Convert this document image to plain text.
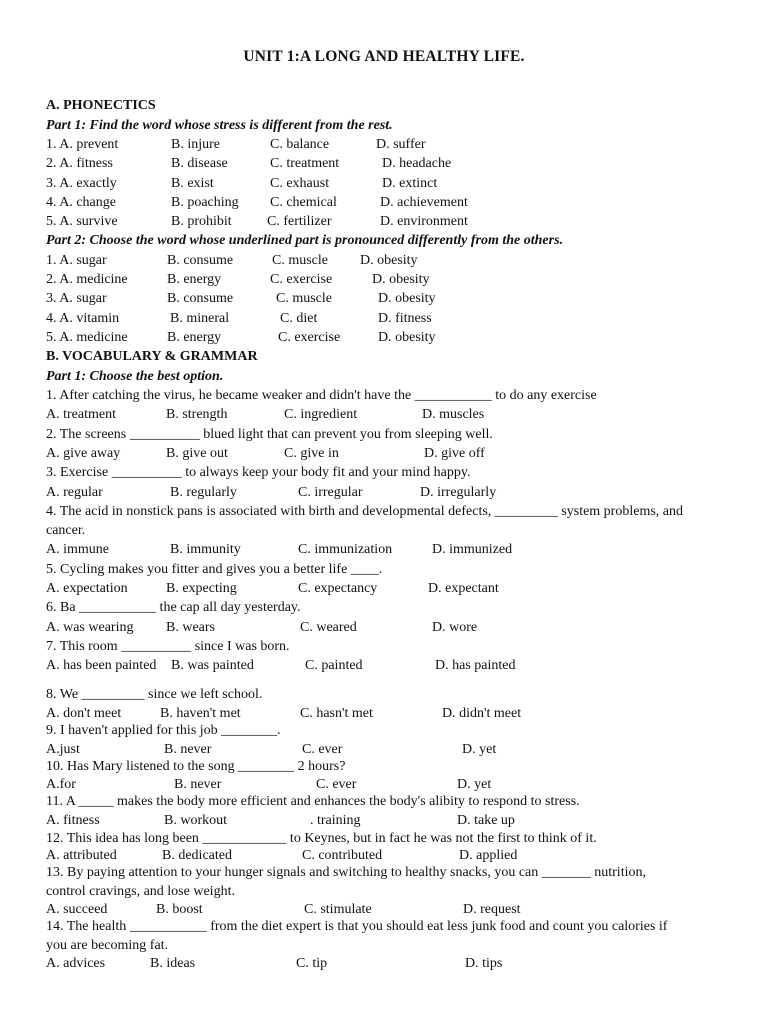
UNIT 1:A LONG AND HEALTHY LIFE.
A. PHONECTICS
Part 1: Find the word whose stress is different from the rest.
1. A. prevent	B. injure	C. balance	D. suffer
2. A. fitness	B. disease	C. treatment	D. headache
3. A. exactly	B. exist	C. exhaust	D. extinct
4. A. change	B. poaching C. chemical	D. achievement
5. A. survive	B. prohibit	C. fertilizer	D. environment
Part 2: Choose the word whose underlined part is pronounced differently from the others.
1. A. sugar	B. consume	C. muscle D. obesity
2. A. medicine	B. energy	C. exercise	D. obesity
3. A. sugar	B. consume	C. muscle	D. obesity
4. A. vitamin	B. mineral	C. diet	D. fitness
5. A. medicine	B. energy	C. exercise	D. obesity
B. VOCABULARY & GRAMMAR
Part 1: Choose the best option.
1. After catching the virus, he became weaker and didn't have the ___________ to do any exercise
A. treatment	B. strength	C. ingredient	D. muscles
2. The screens __________ blued light that can prevent you from sleeping well.
A. give away	B. give out	C. give in	D. give off
3. Exercise __________ to always keep your body fit and your mind happy.
A. regular	B. regularly	C. irregular	D. irregularly
4. The acid in nonstick pans is associated with birth and developmental defects, _________ system problems, and cancer.
A. immune	B. immunity	C. immunization	D. immunized
5. Cycling makes you fitter and gives you a better life ____.
A. expectation	B. expecting	C. expectancy	D. expectant
6. Ba ___________ the cap all day yesterday.
A. was wearing B. wears	C. weared	D. wore
7. This room __________ since I was born.
A. has been painted B. was painted	C. painted	D. has painted
8. We _________ since we left school.
A. don't meet	B. haven't met	C. hasn't met	D. didn't meet
9. I haven't applied for this job ________.
A.just	B. never	C. ever	D. yet
10. Has Mary listened to the song ________ 2 hours?
A.for	B. never	C. ever	D. yet
11. A _____ makes the body more efficient and enhances the body's alibity to respond to stress.
A. fitness	B. workout	. training	D. take up
12. This idea has long been ____________ to Keynes, but in fact he was not the first to think of it.
A. attributed	B. dedicated	C. contributed	D. applied
13. By paying attention to your hunger signals and switching to healthy snacks, you can _______ nutrition, control cravings, and lose weight.
A. succeed	B. boost	C. stimulate	D. request
14. The health ___________ from the diet expert is that you should eat less junk food and count you calories if you are becoming fat.
A. advices	B. ideas	C. tip	D. tips
